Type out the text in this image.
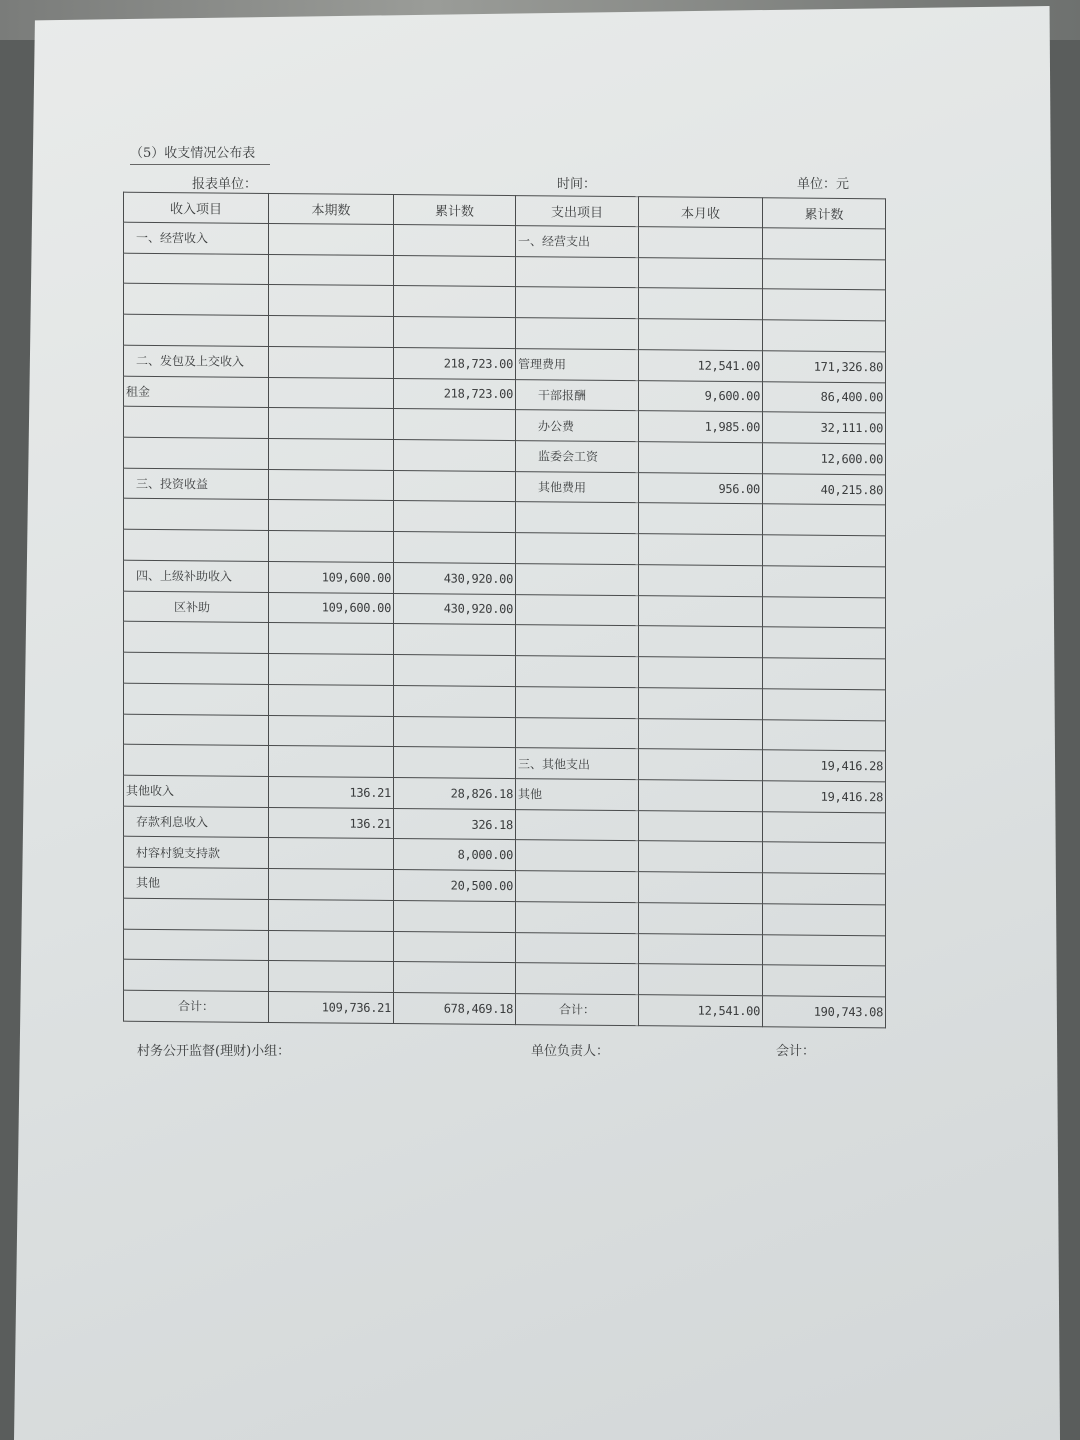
（5）收支情况公布表
报表单位：	时间：	单位：元
收入项目	本期数	累计数	支出项目	本月收	累计数
一、经营收入			一、经营支出		

二、发包及上交收入		218,723.00	管理费用	12,541.00	171,326.80
租金		218,723.00	干部报酬	9,600.00	86,400.00
			办公费	1,985.00	32,111.00
			监委会工资		12,600.00
三、投资收益			其他费用	956.00	40,215.80

四、上级补助收入	109,600.00	430,920.00			
区补助	109,600.00	430,920.00			

			三、其他支出		19,416.28
其他收入	136.21	28,826.18	其他		19,416.28
存款利息收入	136.21	326.18			
村容村貌支持款		8,000.00			
其他		20,500.00			

合计：	109,736.21	678,469.18	合计：	12,541.00	190,743.08
村务公开监督(理财)小组：	单位负责人：	会计：
